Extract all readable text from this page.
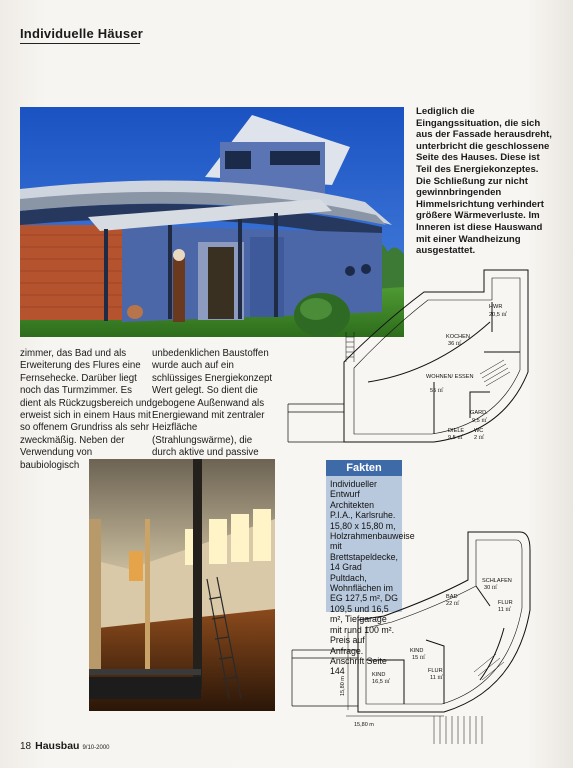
Individuelle Häuser
Lediglich die Eingangssituation, die sich aus der Fassade herausdreht, unterbricht die geschlossene Seite des Hauses. Diese ist Teil des Energiekonzeptes. Die Schließung zur nicht gewinnbringenden Himmelsrichtung verhindert größere Wärmeverluste. Im Inneren ist diese Hauswand mit einer Wandheizung ausgestattet.
zimmer, das Bad und als Erweiterung des Flures eine Fernsehecke. Darüber liegt noch das Turmzimmer. Es dient als Rückzugsbereich und erweist sich in einem Haus mit so offenem Grundriss als sehr zweckmäßig. Neben der Verwendung von baubiologisch
unbedenklichen Baustoffen wurde auch auf ein schlüssiges Energiekonzept Wert gelegt. So dient die gebogene Außenwand als Energiewand mit zentraler Heizfläche (Strahlungswärme), die durch aktive und passive
Fakten
Individueller Entwurf Architekten P.I.A., Karlsruhe. 15,80 x 15,80 m, Holzrahmenbauweise mit Brettstapeldecke, 14 Grad Pultdach, Wohnflächen im EG 127,5 m², DG 109,5 und 16,5 m², Tiefgarage mit rund 100 m². Preis auf Anfrage. Anschrift Seite 144
HWR
20,5 ㎡
KOCHEN
36 ㎡
WOHNEN/ ESSEN
55 ㎡
GARD.
9,5 ㎡
WC
2 ㎡
DIELE
9,5 ㎡
SCHLAFEN
30 ㎡
BAD
22 ㎡	FLUR
11 ㎡
KIND
15 ㎡
KIND
16,5 ㎡
FLUR
11 ㎡
15,80 m
15,80 m
18 Hausbau 9/10-2000
